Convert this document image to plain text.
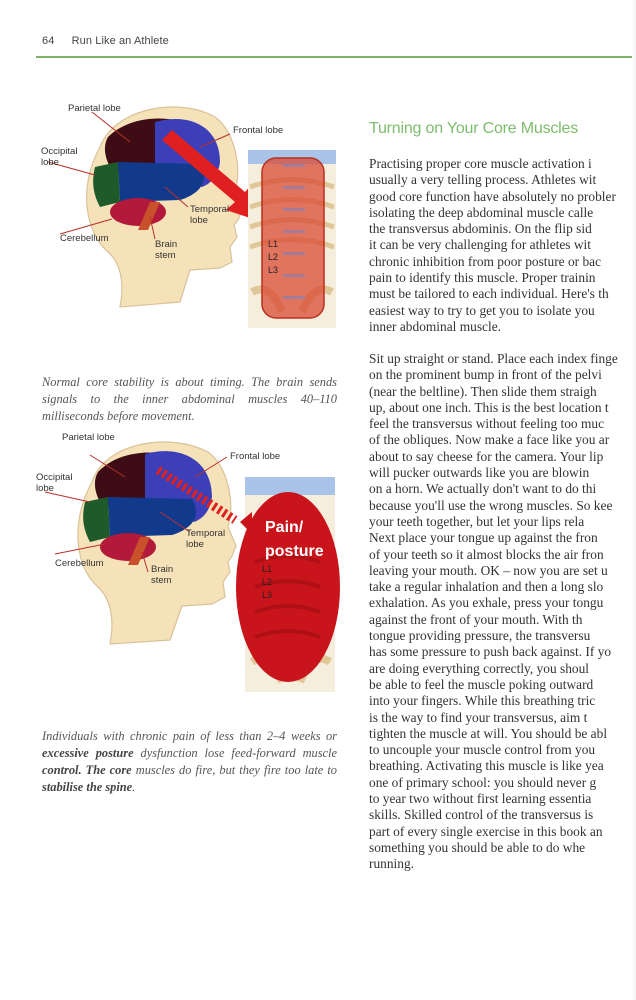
64 Run Like an Athlete
Parietal lobe
Frontal lobe
Occipital
lobe
Temporal
lobe
Cerebellum
Brain
stem
L1
L2
L3

Normal core stability is about timing. The brain sends signals to the inner abdominal muscles 40–110 milliseconds before movement.

Pain/
posture
Parietal lobe
Frontal lobe
Occipital
lobe
Temporal
lobe
Cerebellum
Brain
stem
L1
L2
L3

Individuals with chronic pain of less than 2–4 weeks or excessive posture dysfunction lose feed-forward muscle control. The core muscles do fire, but they fire too late to stabilise the spine.

Turning on Your Core Muscles
Practising proper core muscle activation i
usually a very telling process. Athletes wit
good core function have absolutely no probler
isolating the deep abdominal muscle calle
the transversus abdominis. On the flip sid
it can be very challenging for athletes wit
chronic inhibition from poor posture or bac
pain to identify this muscle. Proper trainin
must be tailored to each individual. Here's th
easiest way to try to get you to isolate you
inner abdominal muscle.
Sit up straight or stand. Place each index finge
on the prominent bump in front of the pelvi
(near the beltline). Then slide them straigh
up, about one inch. This is the best location t
feel the transversus without feeling too muc
of the obliques. Now make a face like you ar
about to say cheese for the camera. Your lip
will pucker outwards like you are blowin
on a horn. We actually don't want to do thi
because you'll use the wrong muscles. So kee
your teeth together, but let your lips rela
Next place your tongue up against the fron
of your teeth so it almost blocks the air fron
leaving your mouth. OK – now you are set u
take a regular inhalation and then a long slo
exhalation. As you exhale, press your tongu
against the front of your mouth. With th
tongue providing pressure, the transversu
has some pressure to push back against. If yo
are doing everything correctly, you shoul
be able to feel the muscle poking outward
into your fingers. While this breathing tric
is the way to find your transversus, aim t
tighten the muscle at will. You should be abl
to uncouple your muscle control from you
breathing. Activating this muscle is like yea
one of primary school: you should never g
to year two without first learning essentia
skills. Skilled control of the transversus is
part of every single exercise in this book an
something you should be able to do whe
running.
